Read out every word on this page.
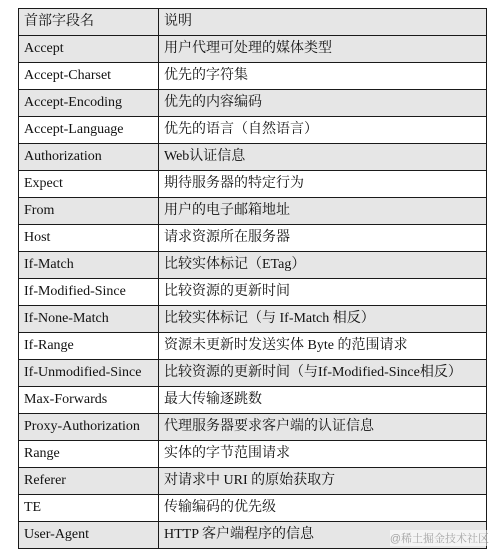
首部字段名	说明
Accept	用户代理可处理的媒体类型
Accept-Charset	优先的字符集
Accept-Encoding	优先的内容编码
Accept-Language	优先的语言（自然语言）
Authorization	Web认证信息
Expect	期待服务器的特定行为
From	用户的电子邮箱地址
Host	请求资源所在服务器
If-Match	比较实体标记（ETag）
If-Modified-Since	比较资源的更新时间
If-None-Match	比较实体标记（与 If-Match 相反）
If-Range	资源未更新时发送实体 Byte 的范围请求
If-Unmodified-Since	比较资源的更新时间（与If-Modified-Since相反）
Max-Forwards	最大传输逐跳数
Proxy-Authorization	代理服务器要求客户端的认证信息
Range	实体的字节范围请求
Referer	对请求中 URI 的原始获取方
TE	传输编码的优先级
User-Agent	HTTP 客户端程序的信息	@稀土掘金技术社区
